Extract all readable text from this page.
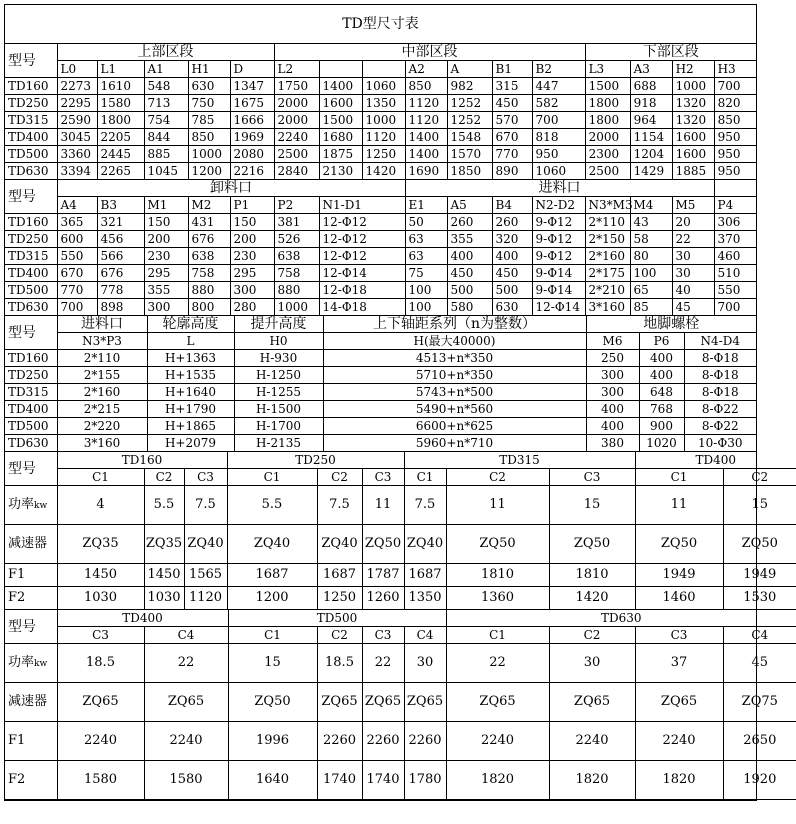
TD型尺寸表
型号	上部区段					中部区段							下部区段			
	L0	L1	A1	H1	D	L2			A2	A	B1	B2	L3	A3	H2	H3
TD160	2273	1610	548	630	1347	1750	1400	1060	850	982	315	447	1500	688	1000	700
TD250	2295	1580	713	750	1675	2000	1600	1350	1120	1252	450	582	1800	918	1320	820
TD315	2590	1800	754	785	1666	2000	1500	1000	1120	1252	570	700	1800	964	1320	850
TD400	3045	2205	844	850	1969	2240	1680	1120	1400	1548	670	818	2000	1154	1600	950
TD500	3360	2445	885	1000	2080	2500	1875	1250	1400	1570	770	950	2300	1204	1600	950
TD630	3394	2265	1045	1200	2216	2840	2130	1420	1690	1850	890	1060	2500	1429	1885	950
型号	卸料口							进料口							
	A4	B3	M1	M2	P1	P2	N1-D1	E1	A5	B4	N2-D2	N3*M3	M4	M5	P4
TD160	365	321	150	431	150	381	12-Φ12	50	260	260	9-Φ12	2*110	43	20	306
TD250	600	456	200	676	200	526	12-Φ12	63	355	320	9-Φ12	2*150	58	22	370
TD315	550	566	230	638	230	638	12-Φ12	63	400	400	9-Φ12	2*160	80	30	460
TD400	670	676	295	758	295	758	12-Φ14	75	450	450	9-Φ14	2*175	100	30	510
TD500	770	778	355	880	300	880	12-Φ18	100	500	500	9-Φ14	2*210	65	40	550
TD630	700	898	300	800	280	1000	14-Φ18	100	580	630	12-Φ14	3*160	85	45	700
型号	进料口	轮廓高度	提升高度	上下轴距系列（n为整数）	地脚螺栓		
	N3*P3	L	H0	H(最大40000)	M6	P6	N4-D4
TD160	2*110	H+1363	H-930	4513+n*350	250	400	8-Φ18
TD250	2*155	H+1535	H-1250	5710+n*350	300	400	8-Φ18
TD315	2*160	H+1640	H-1255	5743+n*500	300	648	8-Φ18
TD400	2*215	H+1790	H-1500	5490+n*560	400	768	8-Φ22
TD500	2*220	H+1865	H-1700	6600+n*625	400	900	8-Φ22
TD630	3*160	H+2079	H-2135	5960+n*710	380	1020	10-Φ30
型号	TD160			TD250			TD315			TD400	
	C1	C2	C3	C1	C2	C3	C1	C2	C3	C1	C2
功率kw	4	5.5	7.5	5.5	7.5	11	7.5	11	15	11	15
减速器	ZQ35	ZQ35	ZQ40	ZQ40	ZQ40	ZQ50	ZQ40	ZQ50	ZQ50	ZQ50	ZQ50
F1	1450	1450	1565	1687	1687	1787	1687	1810	1810	1949	1949
F2	1030	1030	1120	1200	1250	1260	1350	1360	1420	1460	1530
型号	TD400		TD500				TD630			
	C3	C4	C1	C2	C3	C4	C1	C2	C3	C4
功率kw	18.5	22	15	18.5	22	30	22	30	37	45
减速器	ZQ65	ZQ65	ZQ50	ZQ65	ZQ65	ZQ65	ZQ65	ZQ65	ZQ65	ZQ75
F1	2240	2240	1996	2260	2260	2260	2240	2240	2240	2650
F2	1580	1580	1640	1740	1740	1780	1820	1820	1820	1920
